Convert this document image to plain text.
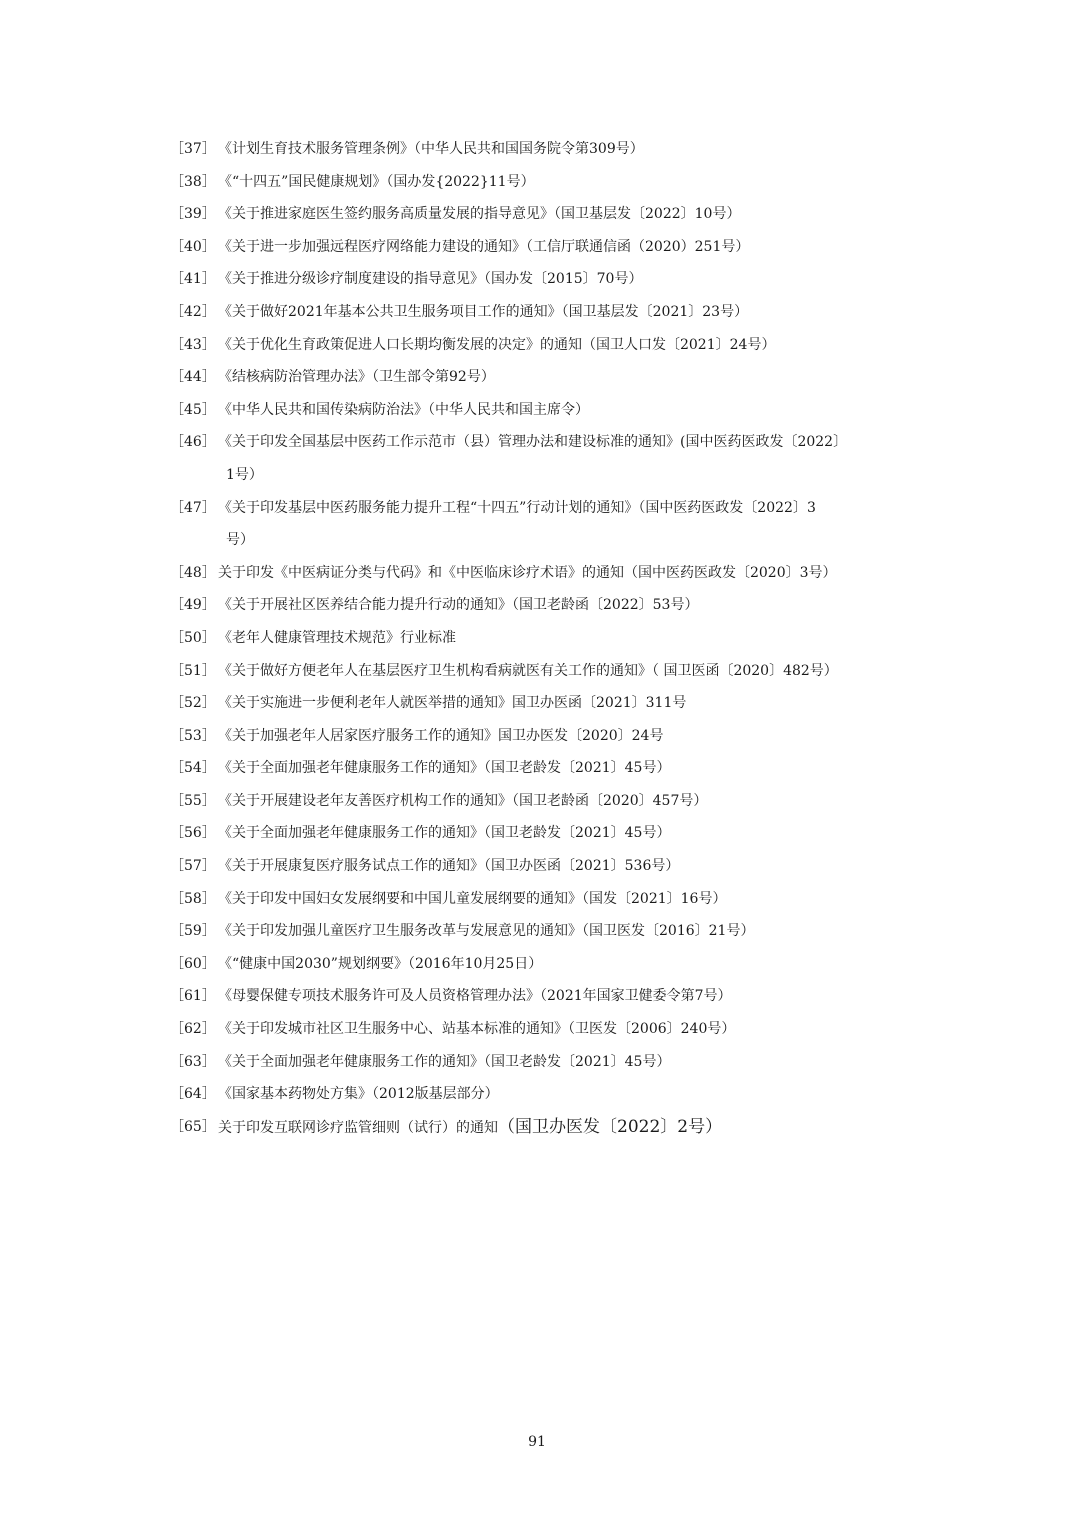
［37］ 《计划生育技术服务管理条例》（中华人民共和国国务院令第309号）
［38］ 《“十四五”国民健康规划》（国办发{2022}11号）
［39］ 《关于推进家庭医生签约服务高质量发展的指导意见》（国卫基层发〔2022〕10号）
［40］ 《关于进一步加强远程医疗网络能力建设的通知》（工信厅联通信函（2020）251号）
［41］ 《关于推进分级诊疗制度建设的指导意见》（国办发〔2015〕70号）
［42］ 《关于做好2021年基本公共卫生服务项目工作的通知》（国卫基层发〔2021〕23号）
［43］ 《关于优化生育政策促进人口长期均衡发展的决定》的通知（国卫人口发〔2021〕24号）
［44］ 《结核病防治管理办法》（卫生部令第92号）
［45］ 《中华人民共和国传染病防治法》（中华人民共和国主席令）
［46］ 《关于印发全国基层中医药工作示范市（县）管理办法和建设标准的通知》(国中医药医政发〔2022〕
1号）
［47］ 《关于印发基层中医药服务能力提升工程“十四五”行动计划的通知》（国中医药医政发〔2022〕3
号）
［48］ 关于印发《中医病证分类与代码》和《中医临床诊疗术语》的通知（国中医药医政发〔2020〕3号）
［49］ 《关于开展社区医养结合能力提升行动的通知》（国卫老龄函〔2022〕53号）
［50］ 《老年人健康管理技术规范》行业标准
［51］ 《关于做好方便老年人在基层医疗卫生机构看病就医有关工作的通知》（ 国卫医函〔2020〕482号）
［52］ 《关于实施进一步便利老年人就医举措的通知》国卫办医函〔2021〕311号
［53］ 《关于加强老年人居家医疗服务工作的通知》国卫办医发〔2020〕24号
［54］ 《关于全面加强老年健康服务工作的通知》（国卫老龄发〔2021〕45号）
［55］ 《关于开展建设老年友善医疗机构工作的通知》（国卫老龄函〔2020〕457号）
［56］ 《关于全面加强老年健康服务工作的通知》（国卫老龄发〔2021〕45号）
［57］ 《关于开展康复医疗服务试点工作的通知》（国卫办医函〔2021〕536号）
［58］ 《关于印发中国妇女发展纲要和中国儿童发展纲要的通知》（国发〔2021〕16号）
［59］ 《关于印发加强儿童医疗卫生服务改革与发展意见的通知》（国卫医发〔2016〕21号）
［60］ 《“健康中国2030”规划纲要》（2016年10月25日）
［61］ 《母婴保健专项技术服务许可及人员资格管理办法》（2021年国家卫健委令第7号）
［62］ 《关于印发城市社区卫生服务中心、站基本标准的通知》（卫医发〔2006〕240号）
［63］ 《关于全面加强老年健康服务工作的通知》（国卫老龄发〔2021〕45号）
［64］ 《国家基本药物处方集》（2012版基层部分）
［65］ 关于印发互联网诊疗监管细则（试行）的通知（国卫办医发〔2022〕2号）
91
